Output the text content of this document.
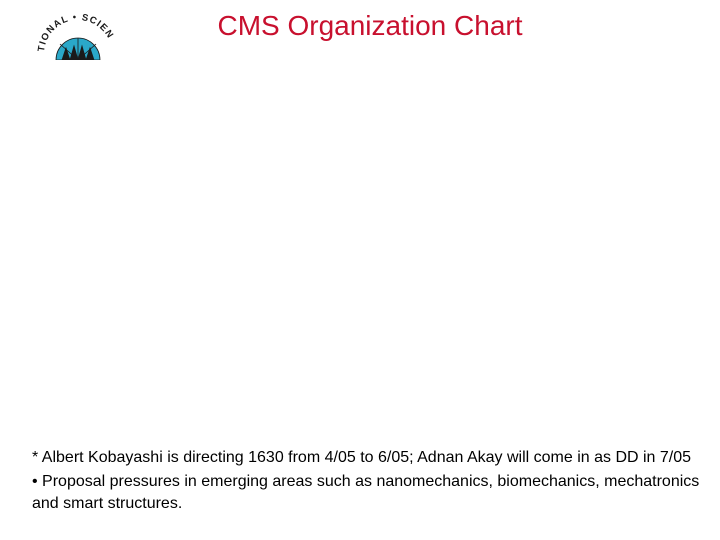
TIONAL • SCIEN	CMS Organization Chart

* Albert Kobayashi is directing 1630 from 4/05 to 6/05; Adnan Akay will come in as DD in 7/05

• Proposal pressures in emerging areas such as nanomechanics, biomechanics, mechatronics and smart structures.
